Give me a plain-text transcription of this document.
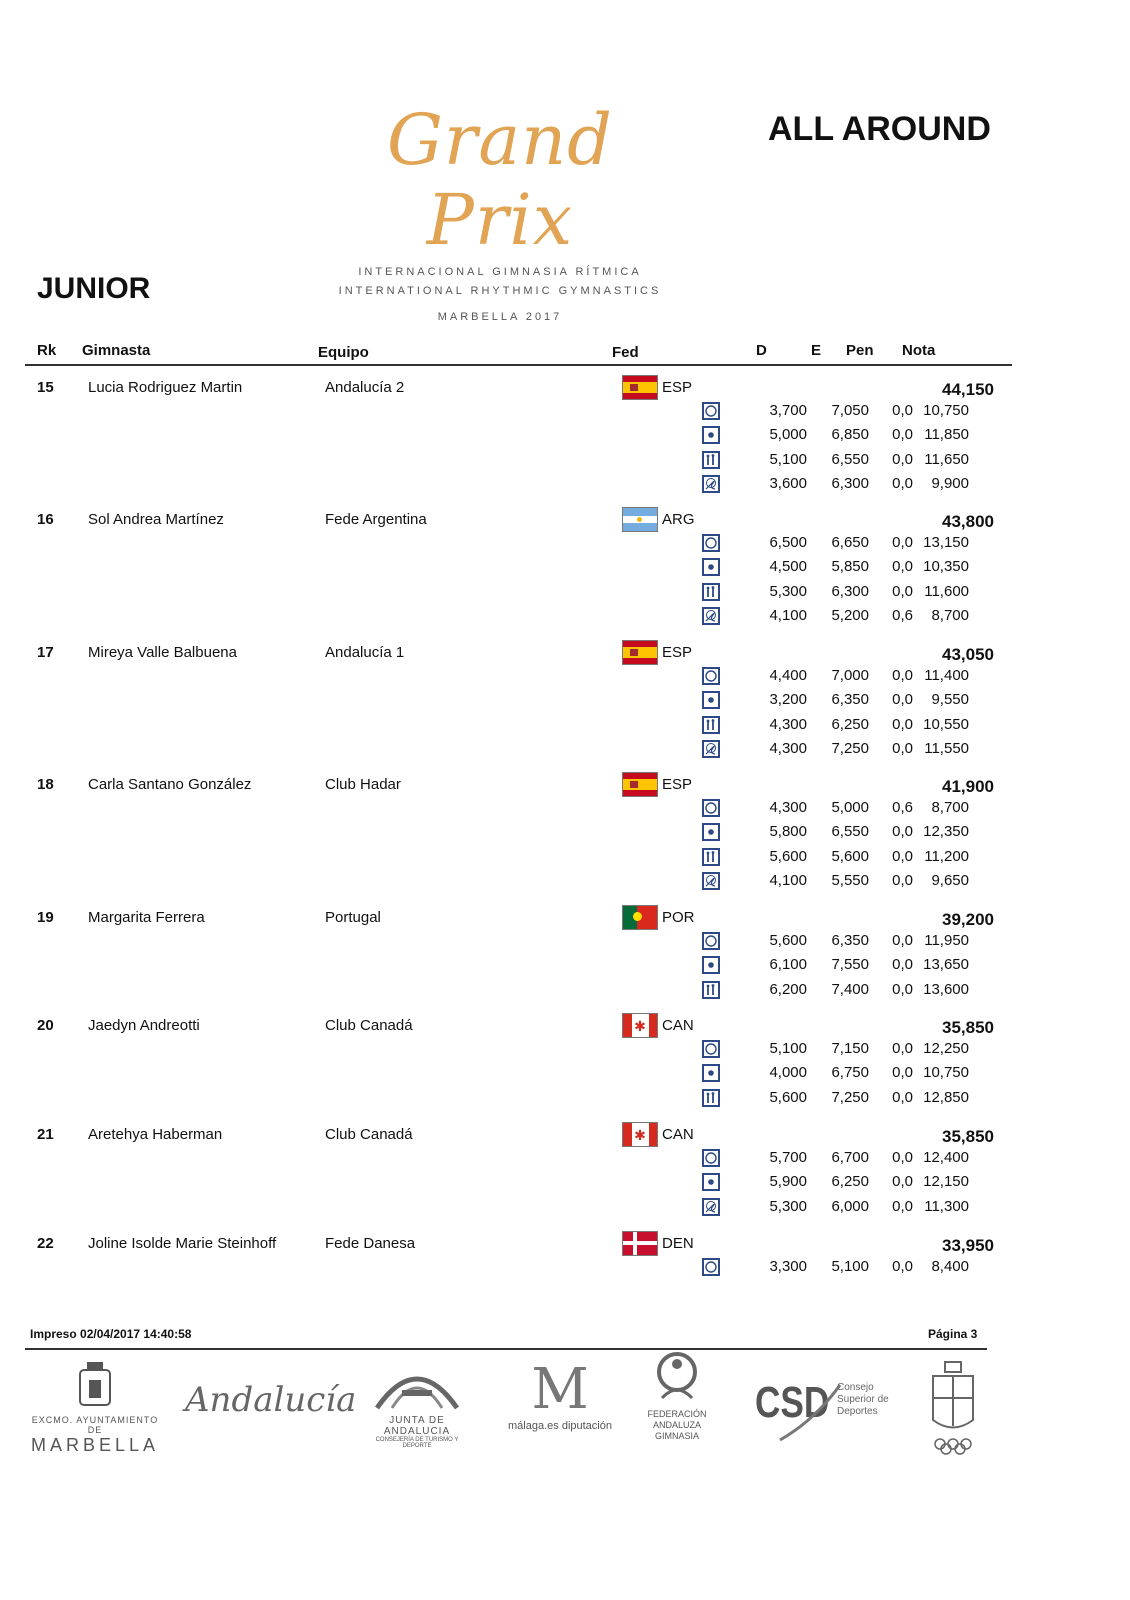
Grand Prix
INTERNACIONAL GIMNASIA RÍTMICA
INTERNATIONAL RHYTHMIC GYMNASTICS
MARBELLA 2017
ALL AROUND
JUNIOR
Rk Gimnasta	Equipo	Fed	D	E Pen Nota
15 Lucia Rodriguez Martin	Andalucía 2	ESP	44,150
3,700	7,050	0,0 10,750
5,000	6,850	0,0 11,850
5,100	6,550	0,0 11,650
3,600	6,300	0,0	9,900
16 Sol Andrea Martínez	Fede Argentina	ARG	43,800
6,500	6,650	0,0 13,150
4,500	5,850	0,0 10,350
5,300	6,300	0,0 11,600
4,100	5,200	0,6	8,700
17 Mireya Valle Balbuena	Andalucía 1	ESP	43,050
4,400	7,000	0,0 11,400
3,200	6,350	0,0	9,550
4,300	6,250	0,0 10,550
4,300	7,250	0,0 11,550
18 Carla Santano González	Club Hadar	ESP	41,900
4,300	5,000	0,6	8,700
5,800	6,550	0,0 12,350
5,600	5,600	0,0 11,200
4,100	5,550	0,0	9,650
19 Margarita Ferrera	Portugal	POR	39,200
5,600	6,350	0,0 11,950
6,100	7,550	0,0 13,650
6,200	7,400	0,0 13,600
20 Jaedyn Andreotti	Club Canadá	✱ CAN	35,850
5,100	7,150	0,0 12,250
4,000	6,750	0,0 10,750
5,600	7,250	0,0 12,850
21 Aretehya Haberman	Club Canadá	✱ CAN	35,850
5,700	6,700	0,0 12,400
5,900	6,250	0,0 12,150
5,300	6,000	0,0 11,300
22 Joline Isolde Marie Steinhoff	Fede Danesa	DEN	33,950
3,300	5,100	0,0	8,400
Impreso 02/04/2017 14:40:58	Página 3
EXCMO. AYUNTAMIENTO DE
MARBELLA
Andalucía
JUNTA DE ANDALUCIA
CONSEJERÍA DE TURISMO Y DEPORTE
M
málaga.es diputación
FEDERACIÓN
ANDALUZA
GIMNASIA
CSD Consejo
Superior de
Deportes
